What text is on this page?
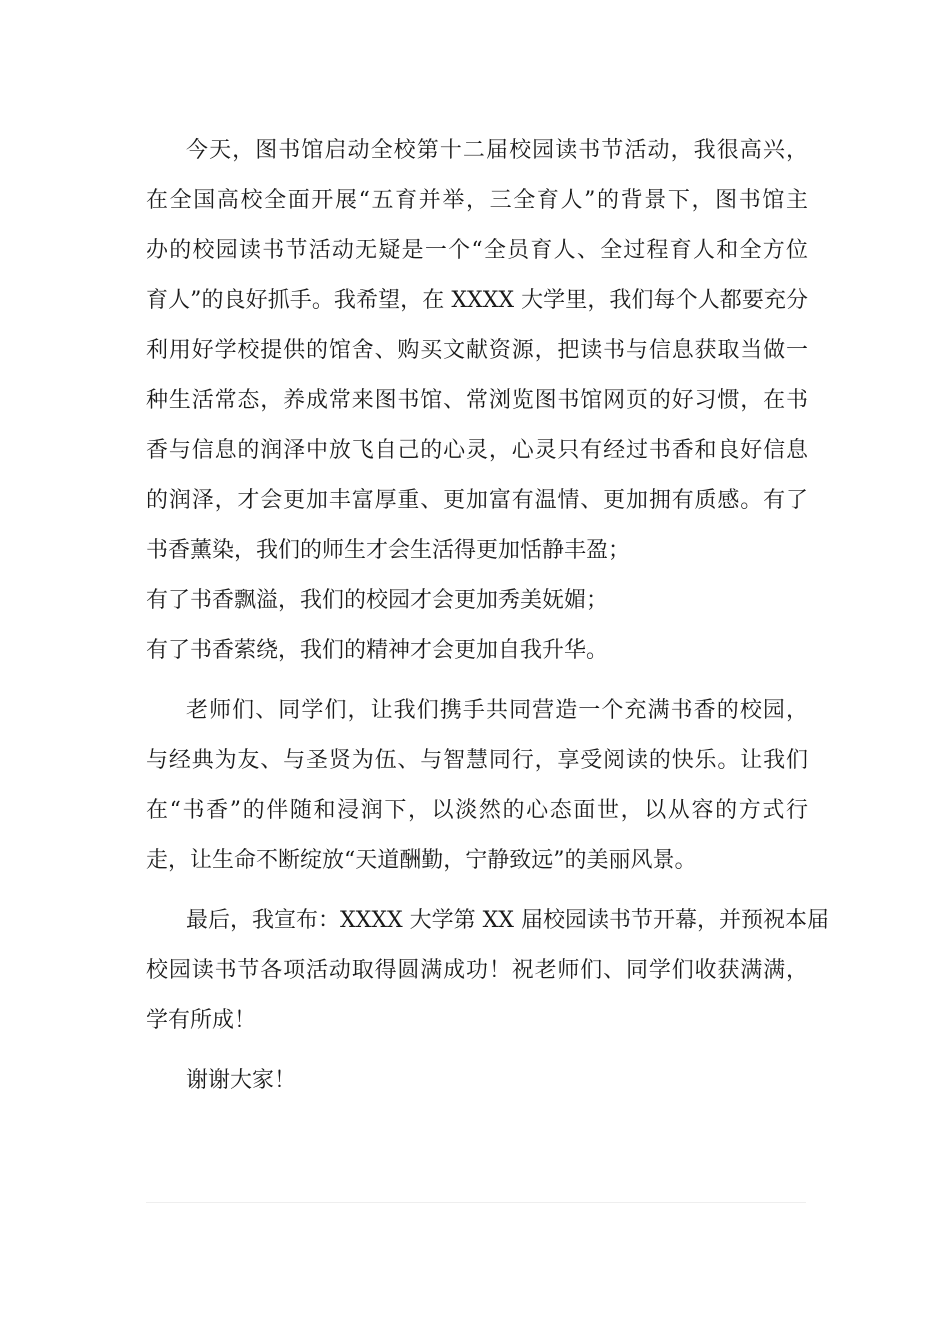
今天，图书馆启动全校第十二届校园读书节活动，我很高兴，
在全国高校全面开展“五育并举，三全育人”的背景下，图书馆主
办的校园读书节活动无疑是一个“全员育人、全过程育人和全方位
育人”的良好抓手。我希望，在 XXXX 大学里，我们每个人都要充分
利用好学校提供的馆舍、购买文献资源，把读书与信息获取当做一
种生活常态，养成常来图书馆、常浏览图书馆网页的好习惯，在书
香与信息的润泽中放飞自己的心灵，心灵只有经过书香和良好信息
的润泽，才会更加丰富厚重、更加富有温情、更加拥有质感。有了
书香薰染，我们的师生才会生活得更加恬静丰盈；
有了书香飘溢，我们的校园才会更加秀美妩媚；
有了书香萦绕，我们的精神才会更加自我升华。
老师们、同学们，让我们携手共同营造一个充满书香的校园，
与经典为友、与圣贤为伍、与智慧同行，享受阅读的快乐。让我们
在“书香”的伴随和浸润下，以淡然的心态面世，以从容的方式行
走，让生命不断绽放“天道酬勤，宁静致远”的美丽风景。
最后，我宣布：XXXX 大学第 XX 届校园读书节开幕，并预祝本届
校园读书节各项活动取得圆满成功！祝老师们、同学们收获满满，
学有所成！
谢谢大家！
